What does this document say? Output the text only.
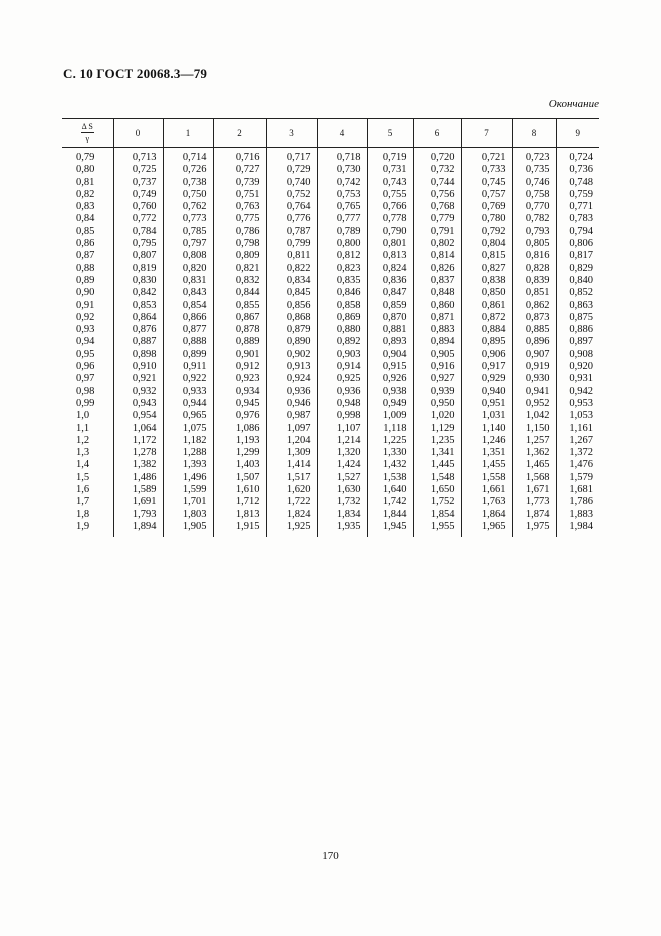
С. 10 ГОСТ 20068.3—79
Окончание
$\frac{\text{Δ S}}{\gamma}$	0	1	2	3	4	5	6	7	8	9
0,79	0,713	0,714	0,716	0,717	0,718	0,719	0,720	0,721	0,723	0,724
0,80	0,725	0,726	0,727	0,729	0,730	0,731	0,732	0,733	0,735	0,736
0,81	0,737	0,738	0,739	0,740	0,742	0,743	0,744	0,745	0,746	0,748
0,82	0,749	0,750	0,751	0,752	0,753	0,755	0,756	0,757	0,758	0,759
0,83	0,760	0,762	0,763	0,764	0,765	0,766	0,768	0,769	0,770	0,771
0,84	0,772	0,773	0,775	0,776	0,777	0,778	0,779	0,780	0,782	0,783
0,85	0,784	0,785	0,786	0,787	0,789	0,790	0,791	0,792	0,793	0,794
0,86	0,795	0,797	0,798	0,799	0,800	0,801	0,802	0,804	0,805	0,806
0,87	0,807	0,808	0,809	0,811	0,812	0,813	0,814	0,815	0,816	0,817
0,88	0,819	0,820	0,821	0,822	0,823	0,824	0,826	0,827	0,828	0,829
0,89	0,830	0,831	0,832	0,834	0,835	0,836	0,837	0,838	0,839	0,840
0,90	0,842	0,843	0,844	0,845	0,846	0,847	0,848	0,850	0,851	0,852
0,91	0,853	0,854	0,855	0,856	0,858	0,859	0,860	0,861	0,862	0,863
0,92	0,864	0,866	0,867	0,868	0,869	0,870	0,871	0,872	0,873	0,875
0,93	0,876	0,877	0,878	0,879	0,880	0,881	0,883	0,884	0,885	0,886
0,94	0,887	0,888	0,889	0,890	0,892	0,893	0,894	0,895	0,896	0,897
0,95	0,898	0,899	0,901	0,902	0,903	0,904	0,905	0,906	0,907	0,908
0,96	0,910	0,911	0,912	0,913	0,914	0,915	0,916	0,917	0,919	0,920
0,97	0,921	0,922	0,923	0,924	0,925	0,926	0,927	0,929	0,930	0,931
0,98	0,932	0,933	0,934	0,936	0,936	0,938	0,939	0,940	0,941	0,942
0,99	0,943	0,944	0,945	0,946	0,948	0,949	0,950	0,951	0,952	0,953
1,0	0,954	0,965	0,976	0,987	0,998	1,009	1,020	1,031	1,042	1,053
1,1	1,064	1,075	1,086	1,097	1,107	1,118	1,129	1,140	1,150	1,161
1,2	1,172	1,182	1,193	1,204	1,214	1,225	1,235	1,246	1,257	1,267
1,3	1,278	1,288	1,299	1,309	1,320	1,330	1,341	1,351	1,362	1,372
1,4	1,382	1,393	1,403	1,414	1,424	1,432	1,445	1,455	1,465	1,476
1,5	1,486	1,496	1,507	1,517	1,527	1,538	1,548	1,558	1,568	1,579
1,6	1,589	1,599	1,610	1,620	1,630	1,640	1,650	1,661	1,671	1,681
1,7	1,691	1,701	1,712	1,722	1,732	1,742	1,752	1,763	1,773	1,786
1,8	1,793	1,803	1,813	1,824	1,834	1,844	1,854	1,864	1,874	1,883
1,9	1,894	1,905	1,915	1,925	1,935	1,945	1,955	1,965	1,975	1,984
170
